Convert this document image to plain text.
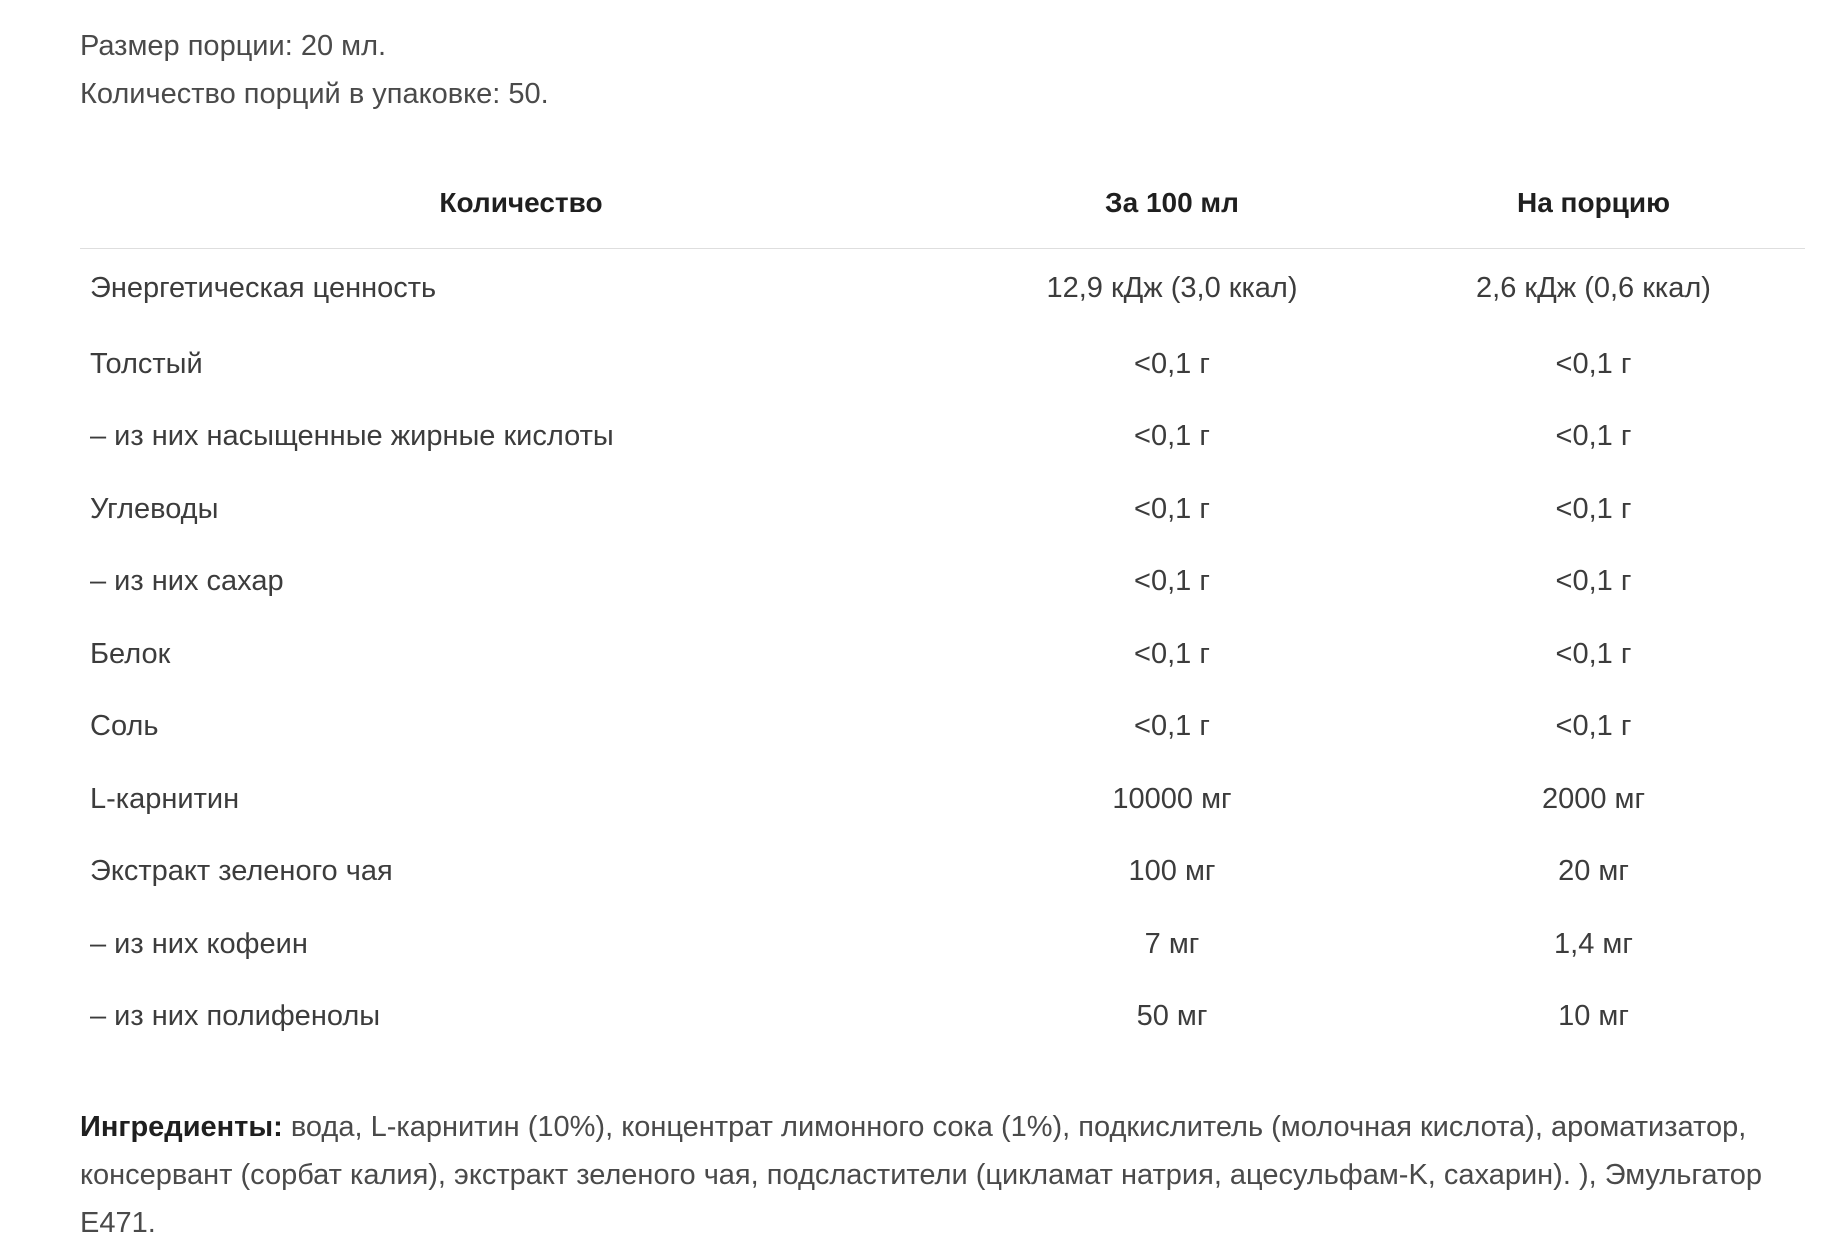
Размер порции: 20 мл.

Количество порций в упаковке: 50.

Количество	За 100 мл	На порцию
Энергетическая ценность	12,9 кДж (3,0 ккал)	2,6 кДж (0,6 ккал)
Толстый	<0,1 г	<0,1 г
– из них насыщенные жирные кислоты	<0,1 г	<0,1 г
Углеводы	<0,1 г	<0,1 г
– из них сахар	<0,1 г	<0,1 г
Белок	<0,1 г	<0,1 г
Соль	<0,1 г	<0,1 г
L-карнитин	10000 мг	2000 мг
Экстракт зеленого чая	100 мг	20 мг
– из них кофеин	7 мг	1,4 мг
– из них полифенолы	50 мг	10 мг
Ингредиенты: вода, L-карнитин (10%), концентрат лимонного сока (1%), подкислитель (молочная кислота), ароматизатор, консервант (сорбат калия), экстракт зеленого чая, подсластители (цикламат натрия, ацесульфам-K, сахарин). ), Эмульгатор E471.
